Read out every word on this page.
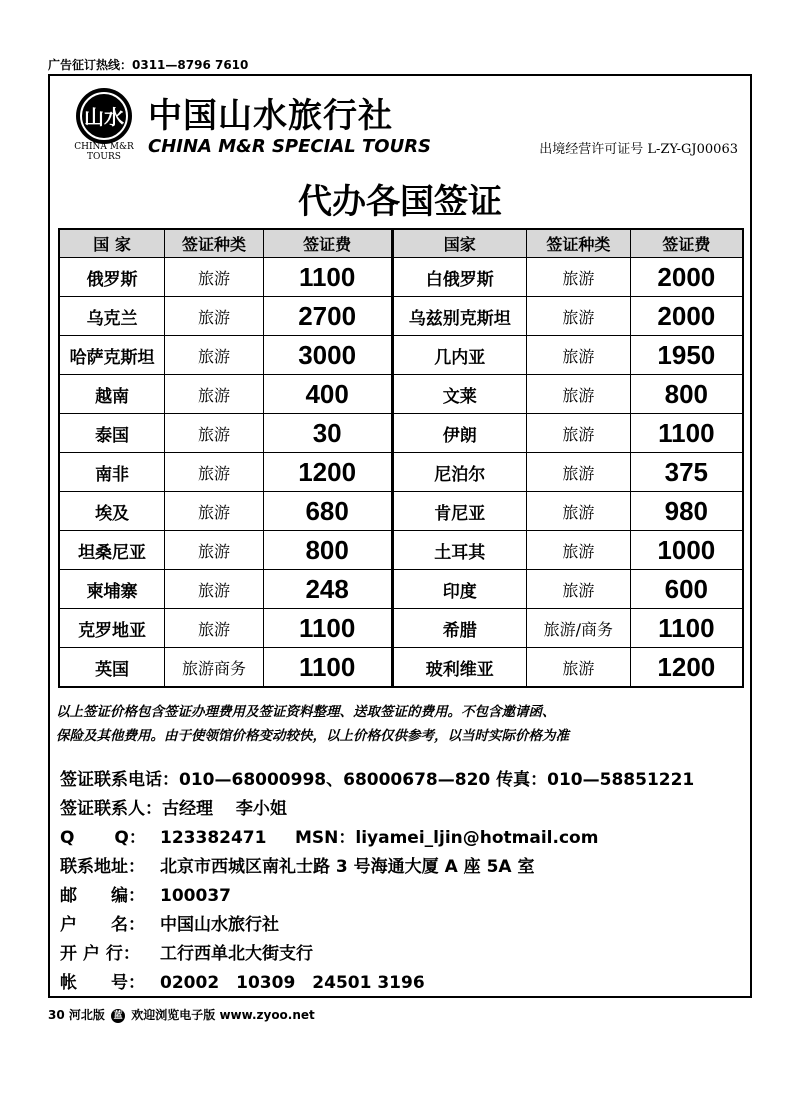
广告征订热线：0311—8796 7610
山水
CHINA M&R
TOURS
中国山水旅行社
CHINA M&R SPECIAL TOURS	出境经营许可证号 L-ZY-GJ00063
代办各国签证
国 家	签证种类	签证费	国家	签证种类	签证费
俄罗斯	旅游	1100	白俄罗斯	旅游	2000
乌克兰	旅游	2700	乌兹别克斯坦	旅游	2000
哈萨克斯坦	旅游	3000	几内亚	旅游	1950
越南	旅游	400	文莱	旅游	800
泰国	旅游	30	伊朗	旅游	1100
南非	旅游	1200	尼泊尔	旅游	375
埃及	旅游	680	肯尼亚	旅游	980
坦桑尼亚	旅游	800	土耳其	旅游	1000
柬埔寨	旅游	248	印度	旅游	600
克罗地亚	旅游	1100	希腊	旅游/商务	1100
英国	旅游商务	1100	玻利维亚	旅游	1200
以上签证价格包含签证办理费用及签证资料整理、送取签证的费用。不包含邀请函、
保险及其他费用。由于使领馆价格变动较快，以上价格仅供参考，以当时实际价格为准
签证联系电话：010—68000998、68000678—820 传真：010—58851221
签证联系人：古经理　 李小姐
Q　 　Q： 123382471 MSN：liyamei_ljin@hotmail.com
联系地址： 北京市西城区南礼士路 3 号海通大厦 A 座 5A 室
邮　　编： 100037
户　　名： 中国山水旅行社
开 户 行： 工行西单北大街支行
帐　　号： 02002　10309　24501 3196
30 河北版 蓝 欢迎浏览电子版 www.zyoo.net
